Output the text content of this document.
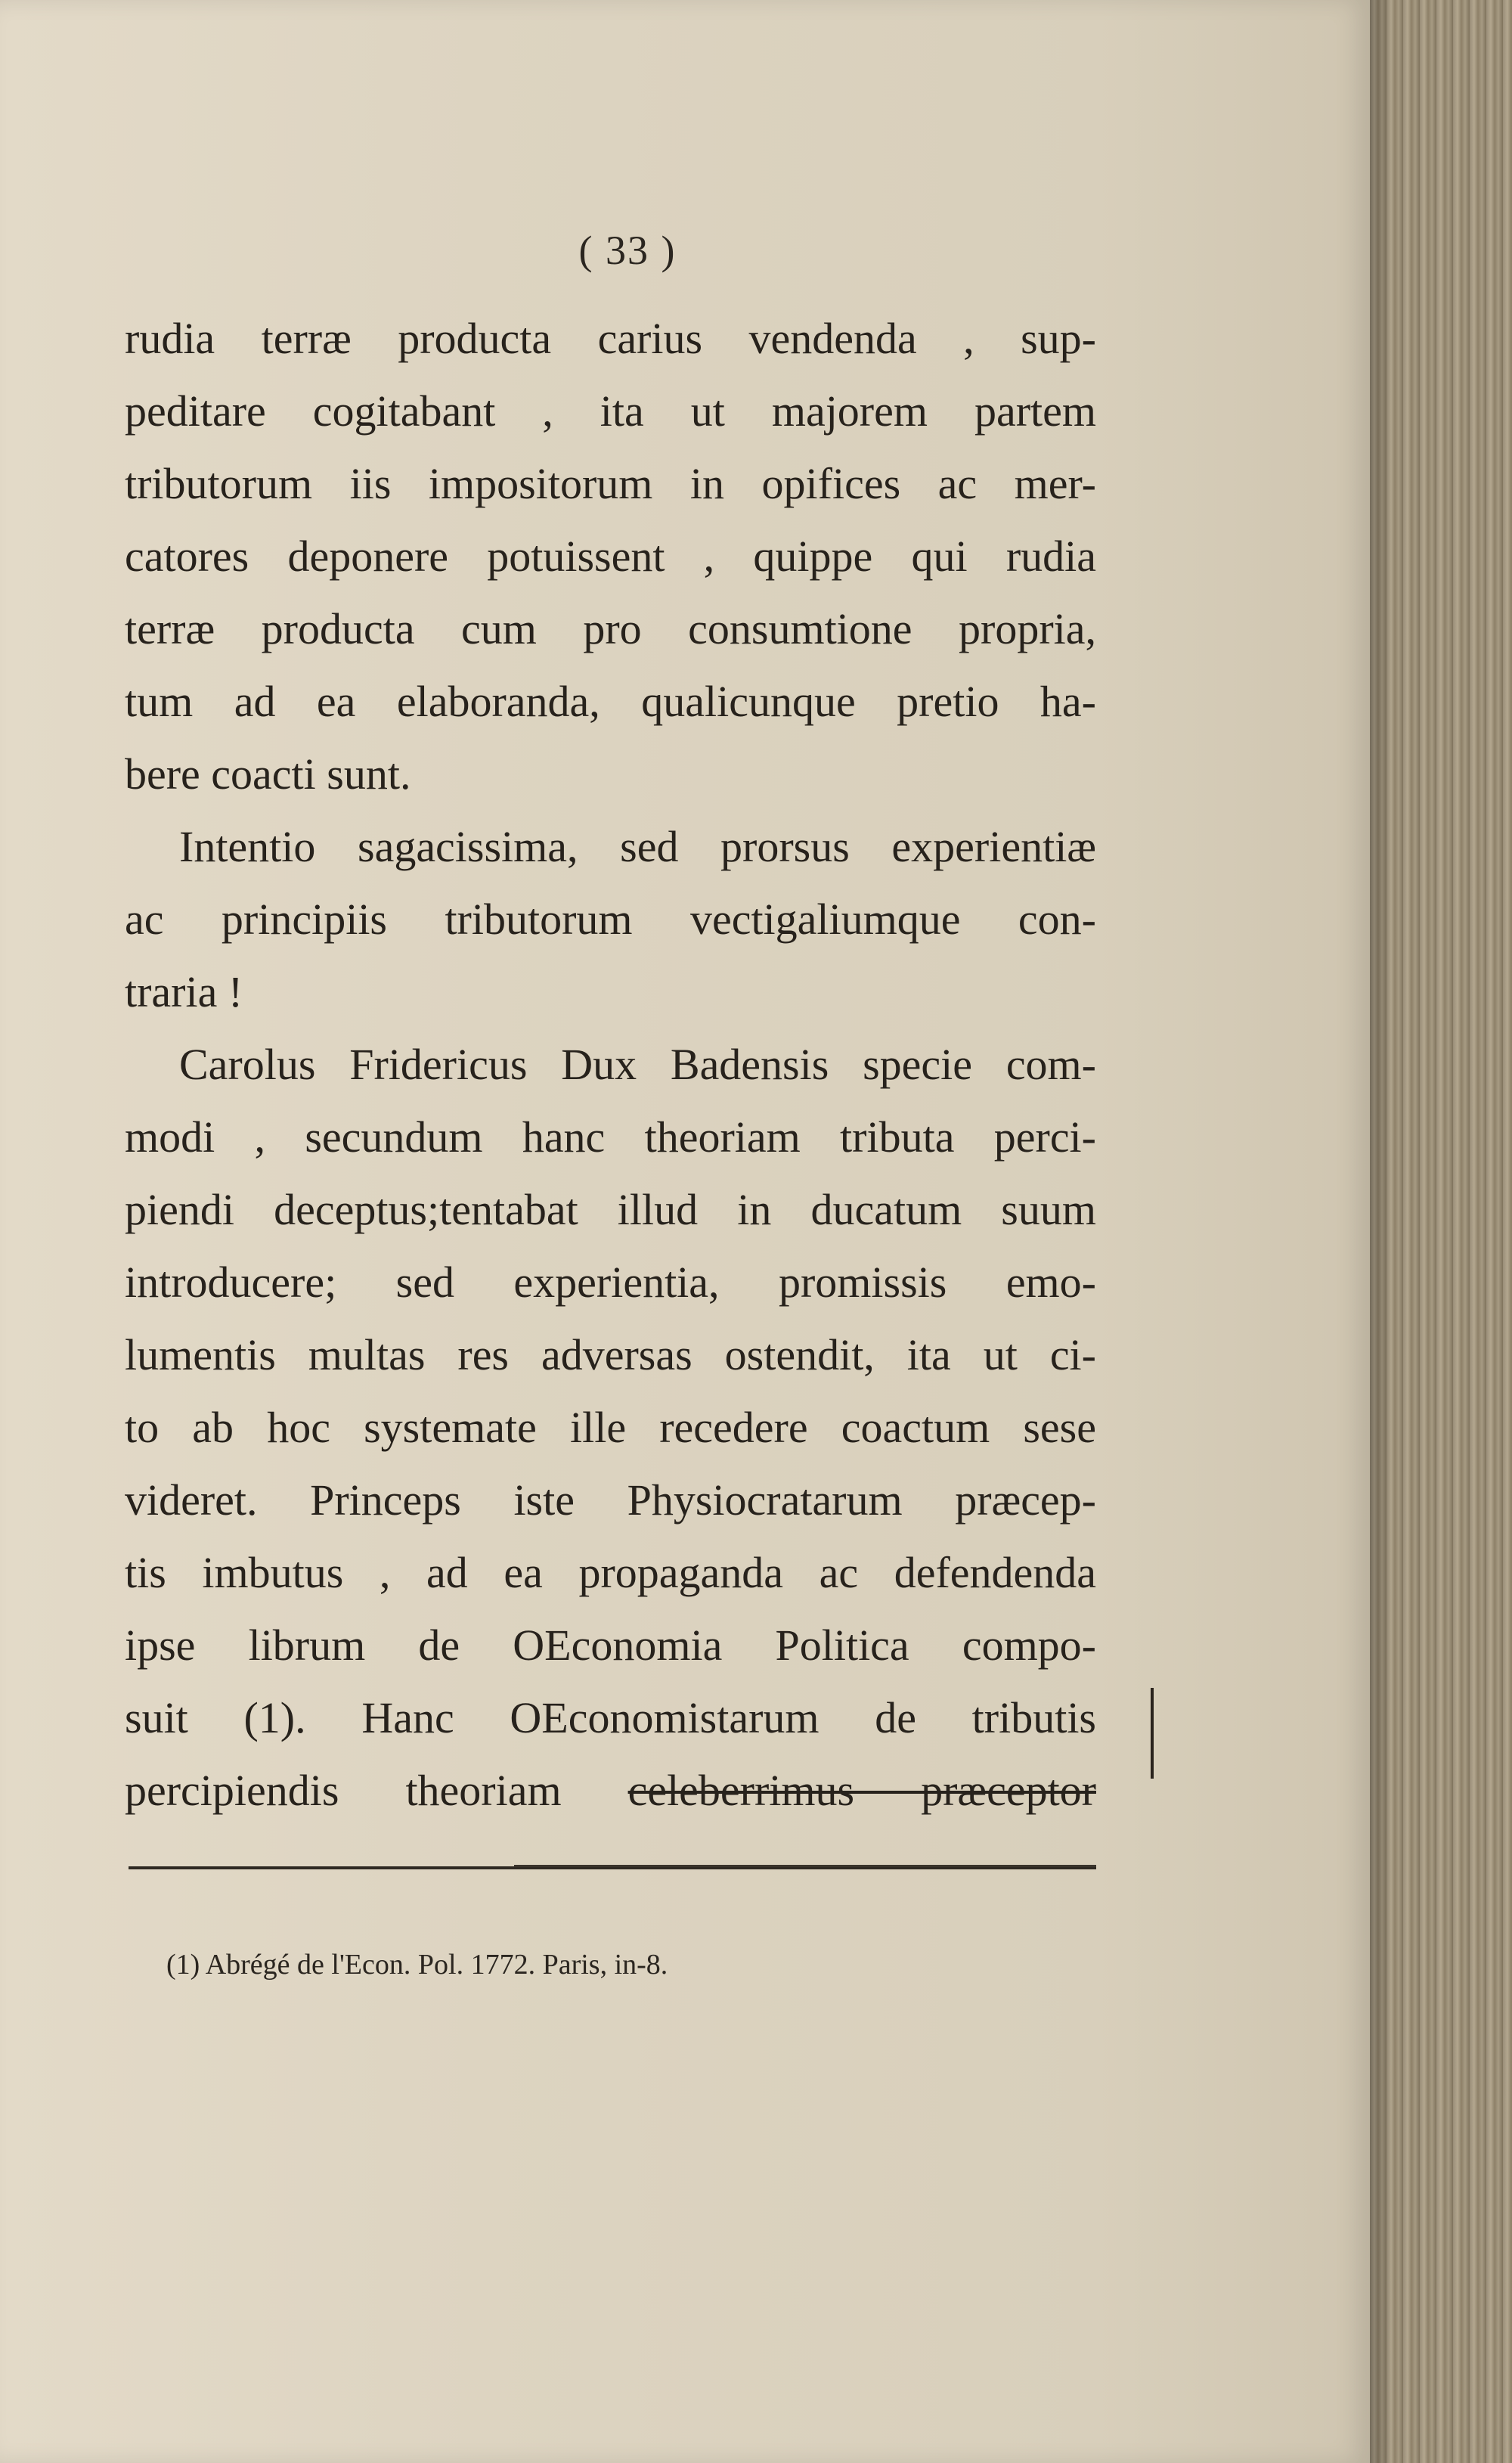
( 33 )
rudia terræ producta carius vendenda , sup-
peditare cogitabant , ita ut majorem partem
tributorum iis impositorum in opifices ac mer-
catores deponere potuissent , quippe qui rudia
terræ producta cum pro consumtione propria,
tum ad ea elaboranda, qualicunque pretio ha-
bere coacti sunt.
Intentio sagacissima, sed prorsus experientiæ
ac principiis tributorum vectigaliumque con-
traria !
Carolus Fridericus Dux Badensis specie com-
modi , secundum hanc theoriam tributa perci-
piendi deceptus;tentabat illud in ducatum suum
introducere; sed experientia, promissis emo-
lumentis multas res adversas ostendit, ita ut ci-
to ab hoc systemate ille recedere coactum sese
videret. Princeps iste Physiocratarum præcep-
tis imbutus , ad ea propaganda ac defendenda
ipse librum de OEconomia Politica compo-
suit (1). Hanc OEconomistarum de tributis
percipiendis theoriam celeberrimus præceptor
(1) Abrégé de l'Econ. Pol. 1772. Paris, in-8.
